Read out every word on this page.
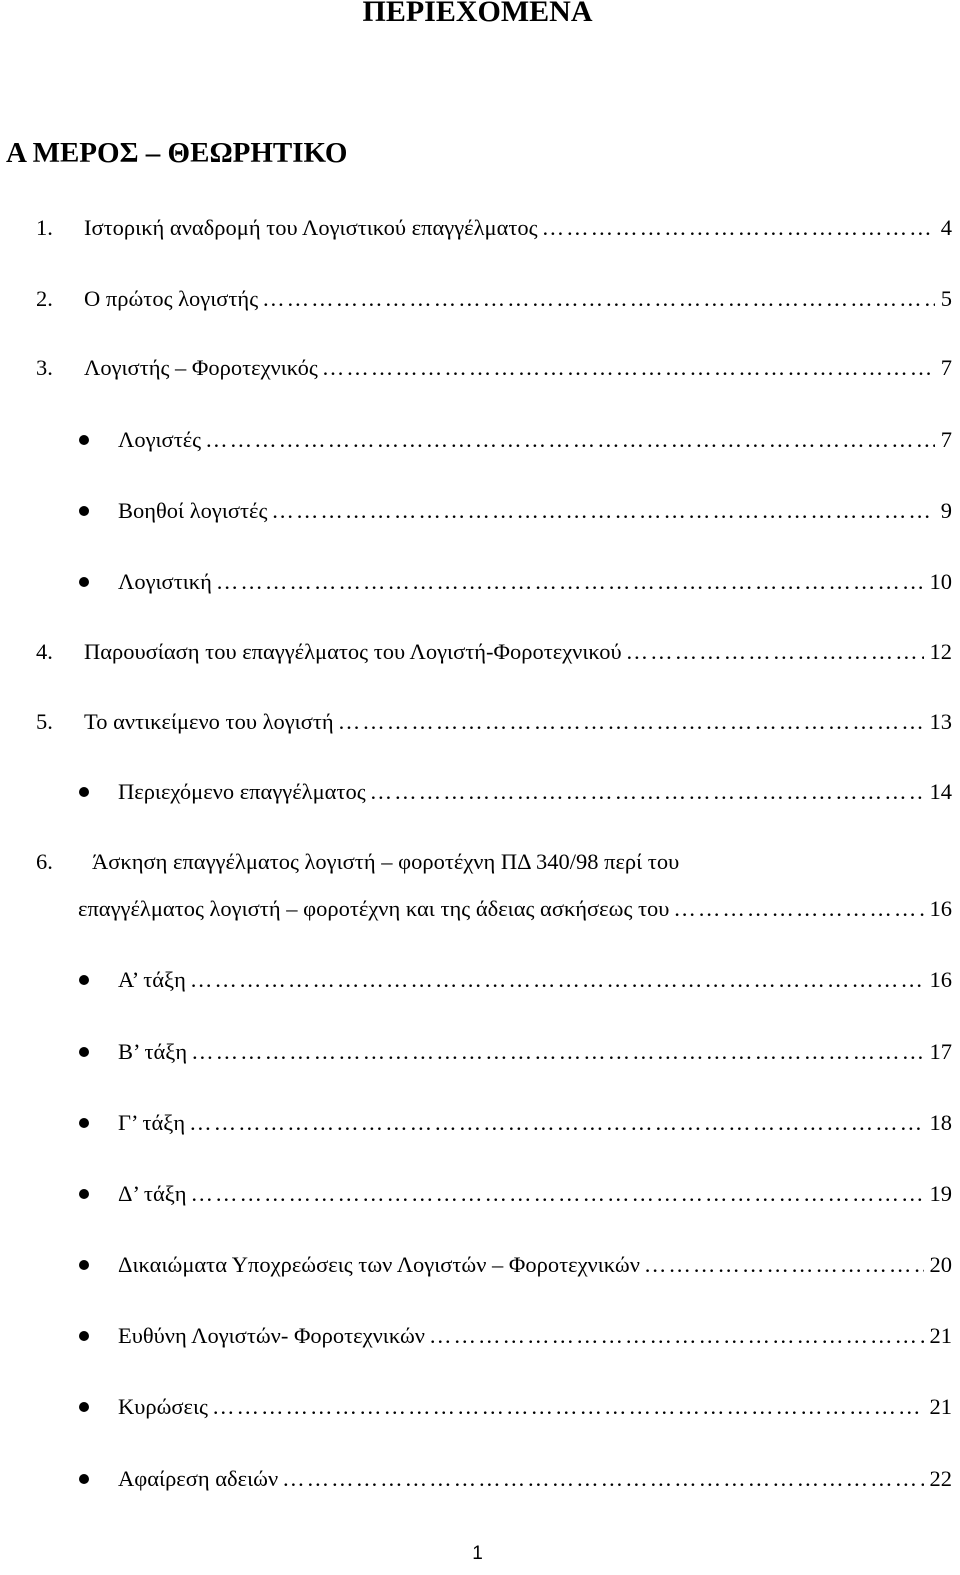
ΠΕΡΙΕΧΟΜΕΝΑ
Α ΜΕΡΟΣ – ΘΕΩΡΗΤΙΚΟ
1.	Ιστορική αναδρομή του Λογιστικού επαγγέλματος ………………………………………………………………………………………………………………………………………………………………	4
2.	Ο πρώτος λογιστής ………………………………………………………………………………………………………………………………………………………………	5
3.	Λογιστής – Φοροτεχνικός ………………………………………………………………………………………………………………………………………………………………	7
Λογιστές ………………………………………………………………………………………………………………………………………………………………	7
Βοηθοί λογιστές ………………………………………………………………………………………………………………………………………………………………	9
Λογιστική ………………………………………………………………………………………………………………………………………………………………	10
4.	Παρουσίαση του επαγγέλματος του Λογιστή-Φοροτεχνικού ………………………………………………………………………………………………………………………………………………………………	12
5.	Το αντικείμενο του λογιστή ………………………………………………………………………………………………………………………………………………………………	13
Περιεχόμενο επαγγέλματος ………………………………………………………………………………………………………………………………………………………………	14
6. Άσκηση επαγγέλματος λογιστή – φοροτέχνη ΠΔ 340/98 περί του
επαγγέλματος λογιστή – φοροτέχνη και της άδειας ασκήσεως του ………………………………………………………………………………………………………………………………………………………………	16
Α’ τάξη ………………………………………………………………………………………………………………………………………………………………	16
Β’ τάξη ………………………………………………………………………………………………………………………………………………………………	17
Γ’ τάξη ………………………………………………………………………………………………………………………………………………………………	18
Δ’ τάξη ………………………………………………………………………………………………………………………………………………………………	19
Δικαιώματα Υποχρεώσεις των Λογιστών – Φοροτεχνικών ………………………………………………………………………………………………………………………………………………………………	20
Ευθύνη Λογιστών- Φοροτεχνικών ………………………………………………………………………………………………………………………………………………………………	21
Κυρώσεις ………………………………………………………………………………………………………………………………………………………………	21
Αφαίρεση αδειών ………………………………………………………………………………………………………………………………………………………………	22
1
